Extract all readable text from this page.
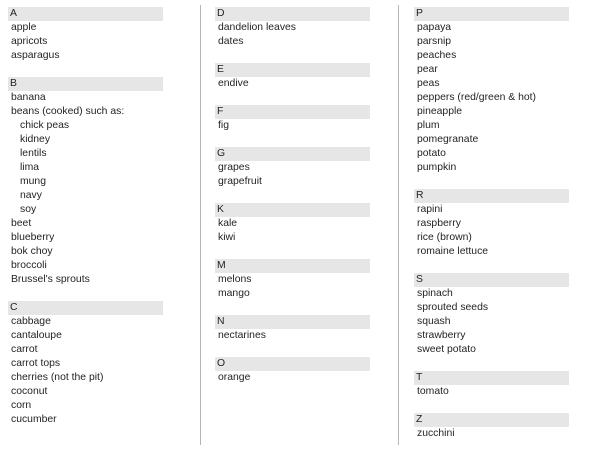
A
apple
apricots
asparagus
B
banana
beans (cooked) such as:
chick peas
kidney
lentils
lima
mung
navy
soy
beet
blueberry
bok choy
broccoli
Brussel's sprouts
C
cabbage
cantaloupe
carrot
carrot tops
cherries (not the pit)
coconut
corn
cucumber
D
dandelion leaves
dates
E
endive
F
fig
G
grapes
grapefruit
K
kale
kiwi
M
melons
mango
N
nectarines
O
orange
P
papaya
parsnip
peaches
pear
peas
peppers (red/green & hot)
pineapple
plum
pomegranate
potato
pumpkin
R
rapini
raspberry
rice (brown)
romaine lettuce
S
spinach
sprouted seeds
squash
strawberry
sweet potato
T
tomato
Z
zucchini
